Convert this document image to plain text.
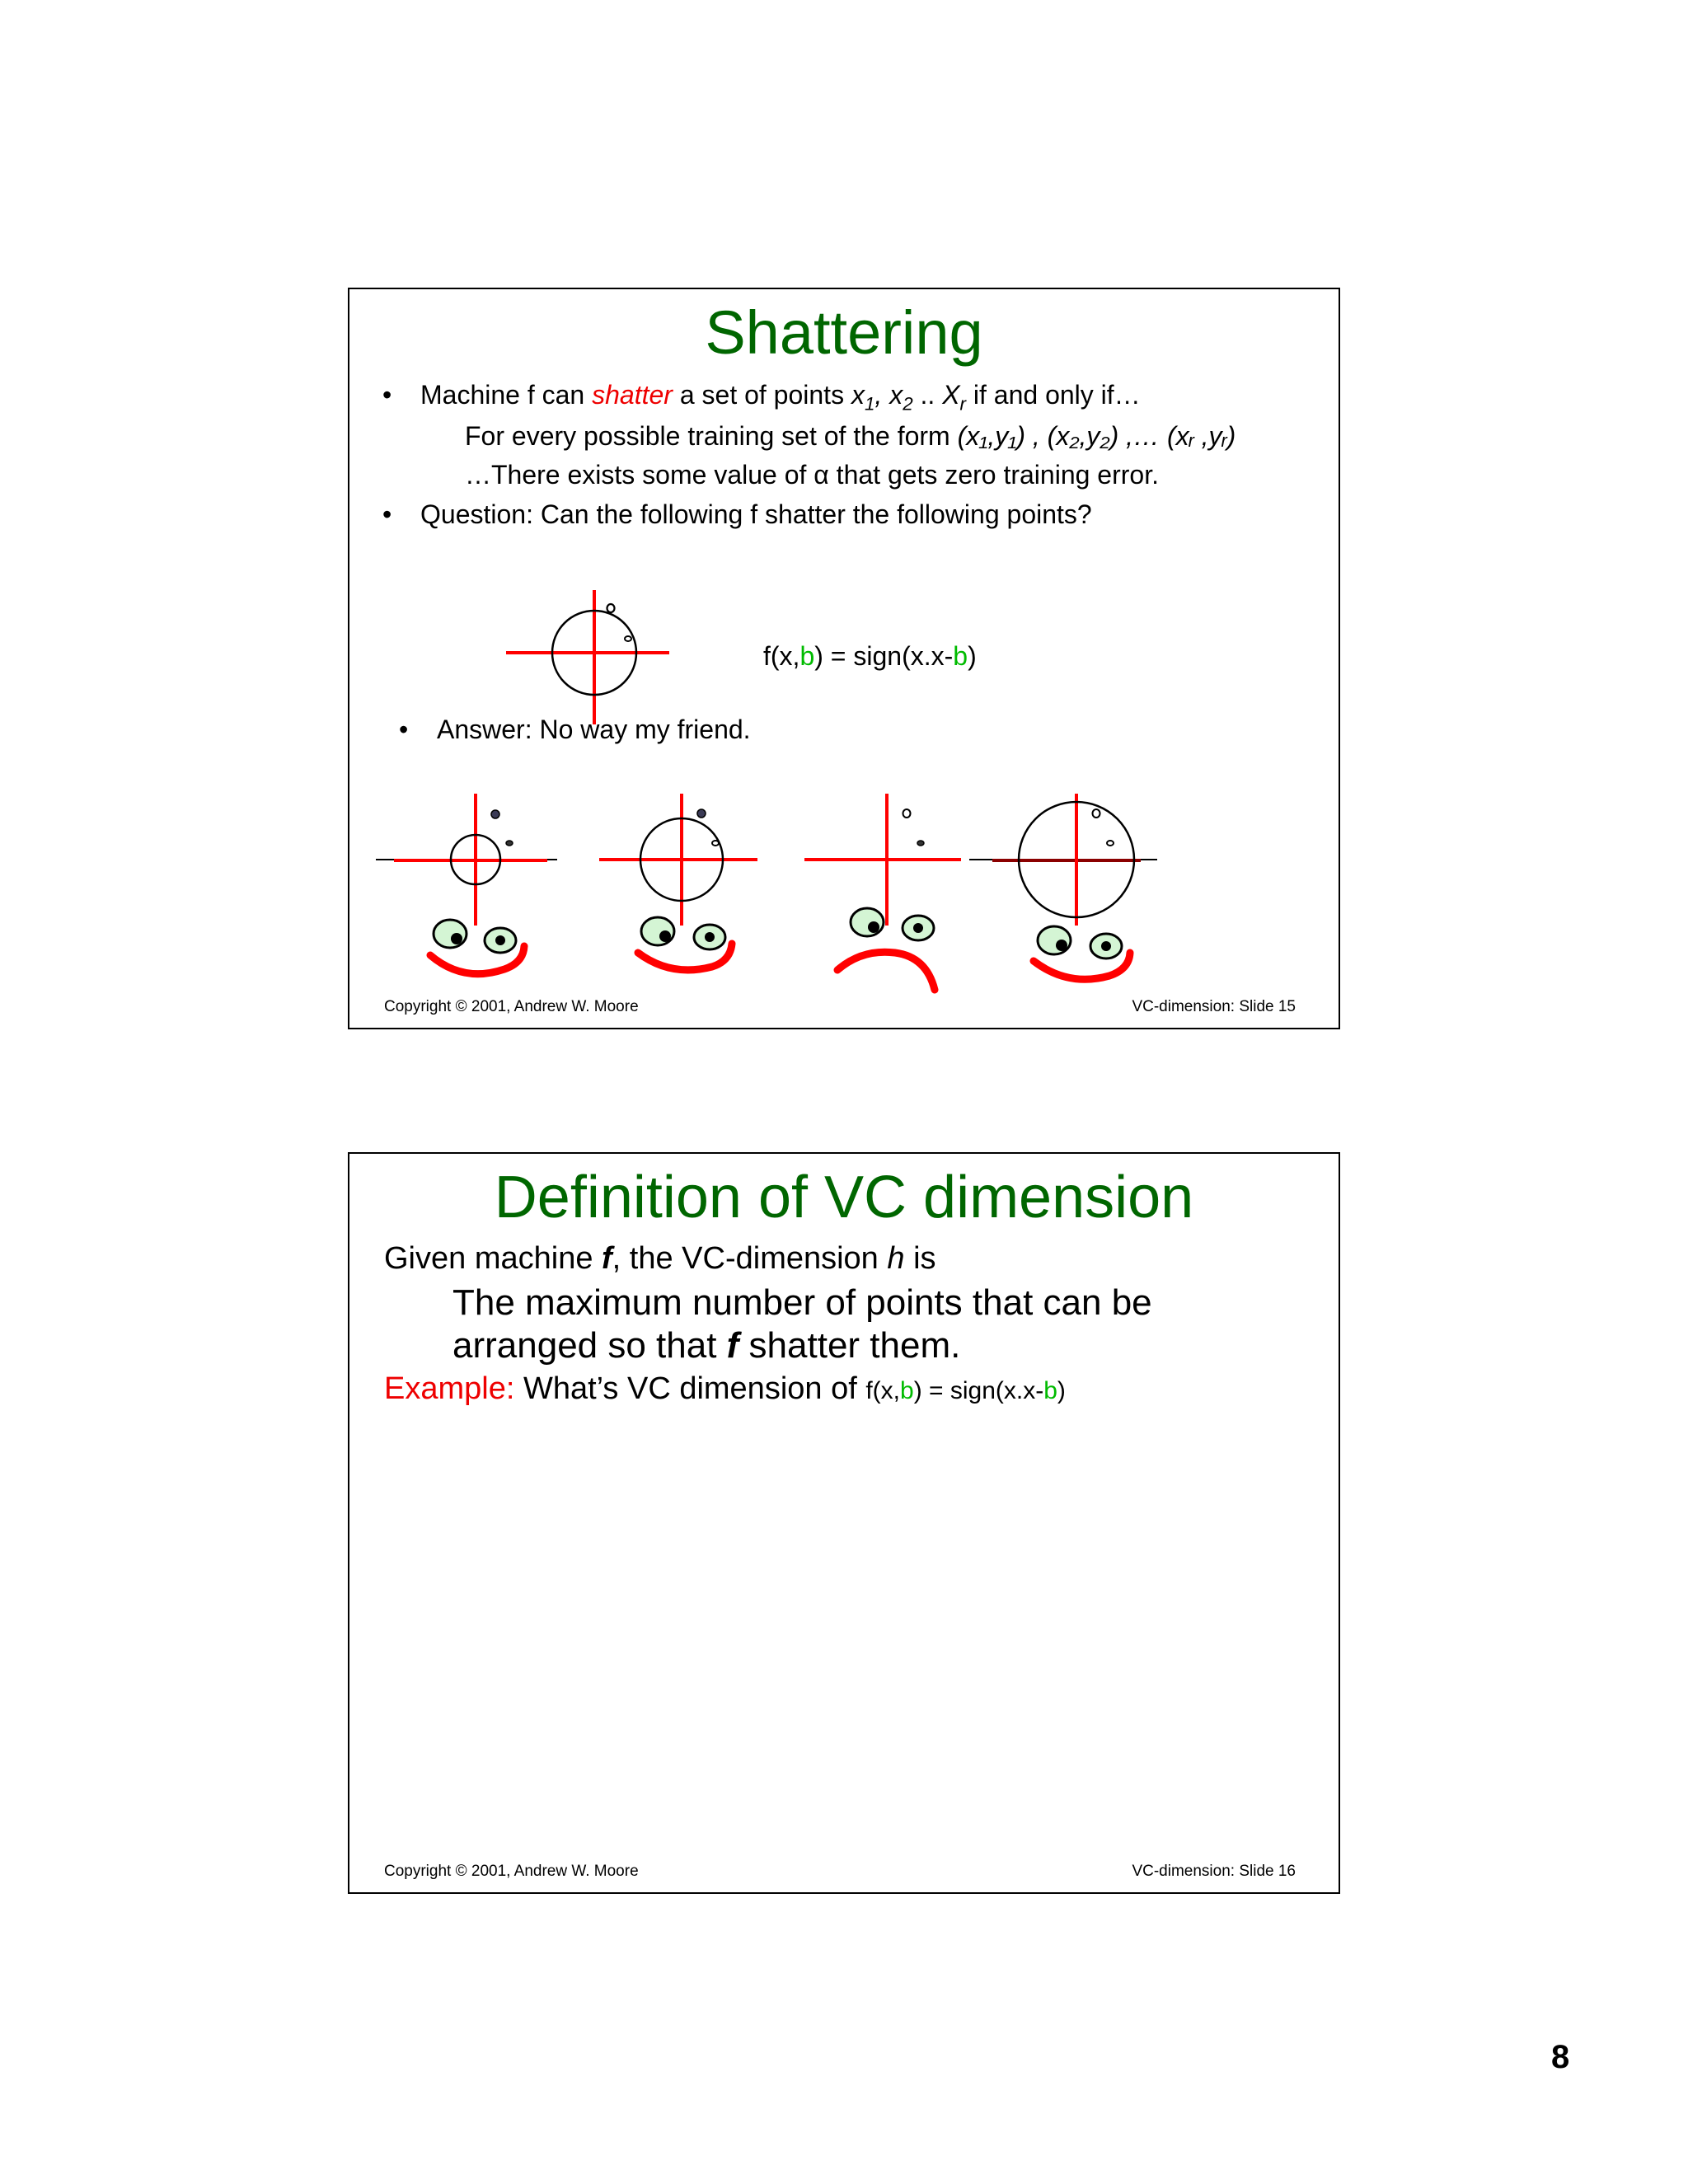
Shattering
• Machine f can shatter a set of points $x_1$, $x_2$ .. $X_r$ if and only if…
For every possible training set of the form (x₁,y₁) , (x₂,y₂) ,… (xᵣ ,yᵣ)
…There exists some value of α that gets zero training error.
• Question: Can the following f shatter the following points?
f(x,b) = sign(x.x-b)
• Answer: No way my friend.
Copyright © 2001, Andrew W. Moore	VC-dimension: Slide 15
Definition of VC dimension
Given machine f, the VC-dimension h is
The maximum number of points that can be
arranged so that f shatter them.
Example: What’s VC dimension of f(x,b) = sign(x.x-b)
Copyright © 2001, Andrew W. Moore	VC-dimension: Slide 16
8
